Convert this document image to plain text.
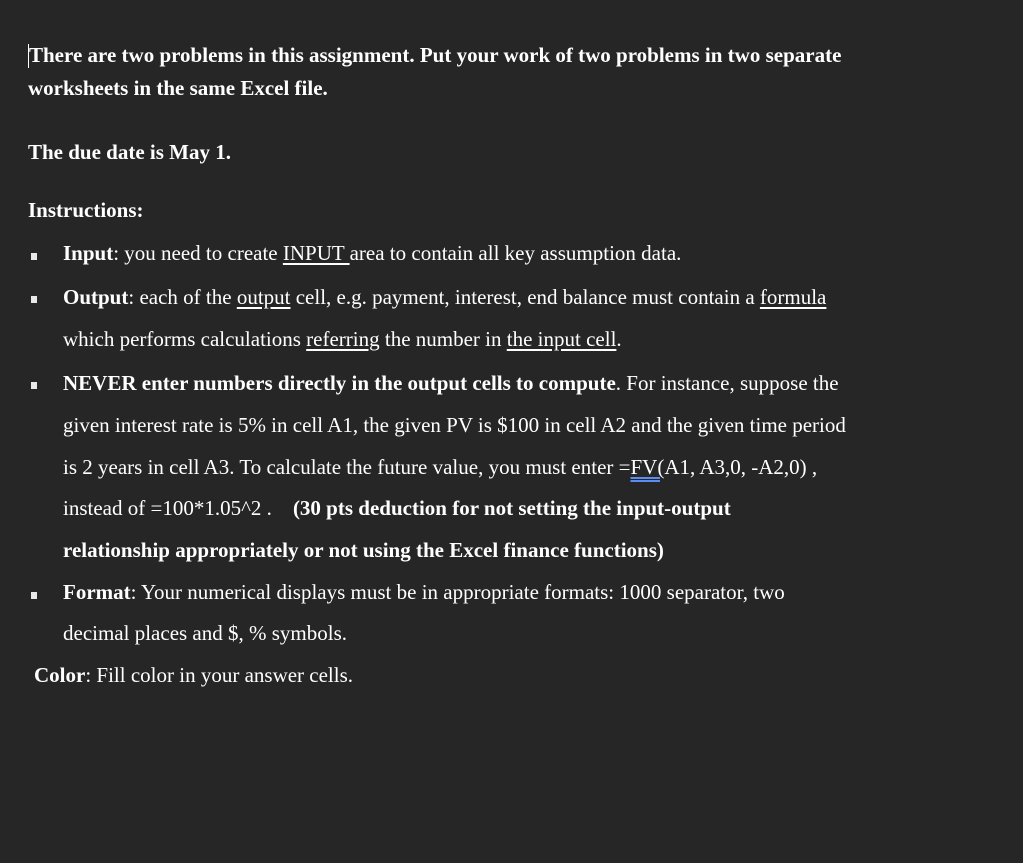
There are two problems in this assignment. Put your work of two problems in two separate
worksheets in the same Excel file.
The due date is May 1.
Instructions:
Input: you need to create INPUT area to contain all key assumption data.
Output: each of the output cell, e.g. payment, interest, end balance must contain a formula
which performs calculations referring the number in the input cell.
NEVER enter numbers directly in the output cells to compute. For instance, suppose the
given interest rate is 5% in cell A1, the given PV is $100 in cell A2 and the given time period
is 2 years in cell A3. To calculate the future value, you must enter =FV(A1, A3,0, -A2,0) ,
instead of =100*1.05^2 .    (30 pts deduction for not setting the input-output
relationship appropriately or not using the Excel finance functions)
Format: Your numerical displays must be in appropriate formats: 1000 separator, two
decimal places and $, % symbols.
Color: Fill color in your answer cells.
